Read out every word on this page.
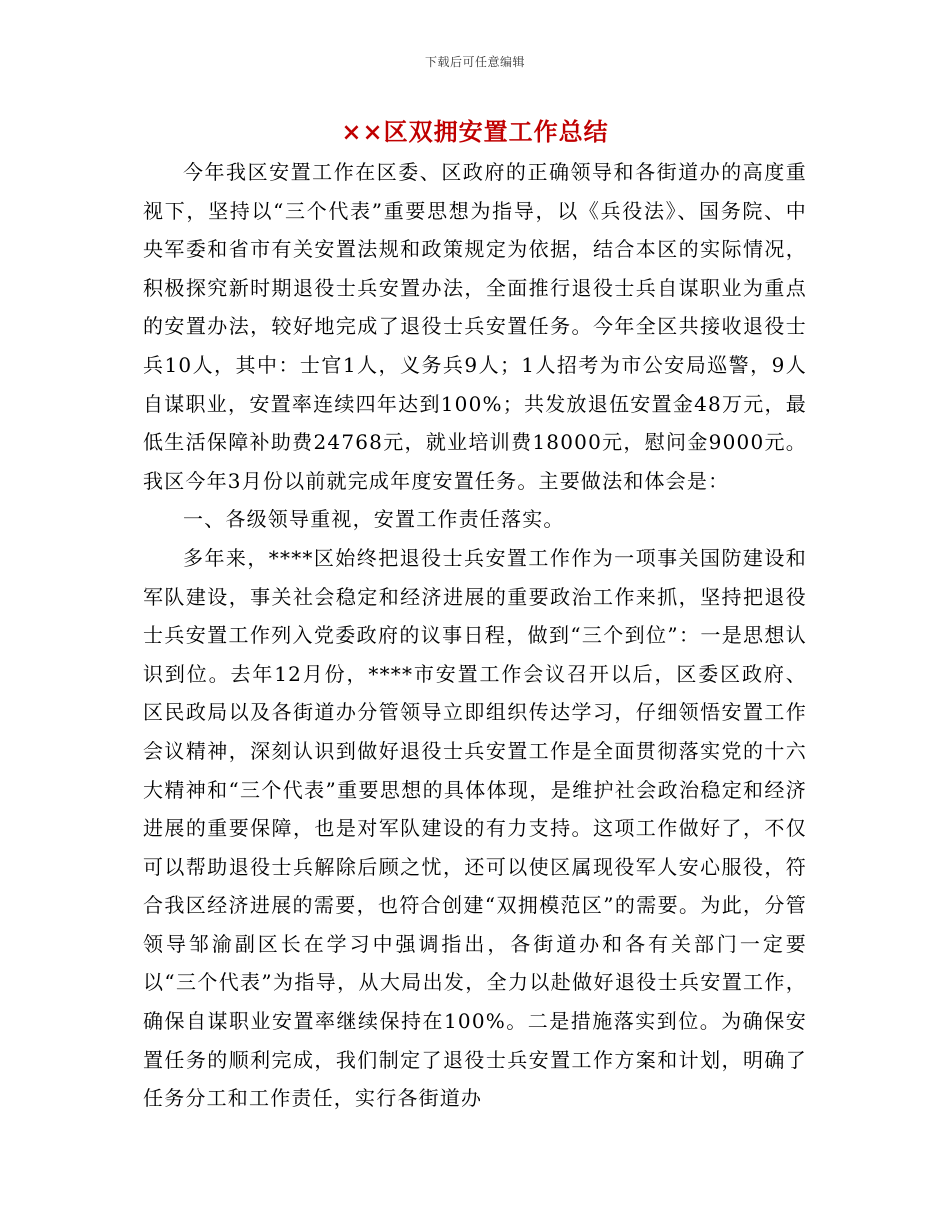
下载后可任意编辑
××区双拥安置工作总结

今年我区安置工作在区委、区政府的正确领导和各街道办的高度重视下，坚持以“三个代表”重要思想为指导，以《兵役法》、国务院、中央军委和省市有关安置法规和政策规定为依据，结合本区的实际情况，积极探究新时期退役士兵安置办法，全面推行退役士兵自谋职业为重点的安置办法，较好地完成了退役士兵安置任务。今年全区共接收退役士兵10人，其中：士官1人，义务兵9人；1人招考为市公安局巡警，9人自谋职业，安置率连续四年达到100%；共发放退伍安置金48万元，最低生活保障补助费24768元，就业培训费18000元，慰问金9000元。我区今年3月份以前就完成年度安置任务。主要做法和体会是：

一、各级领导重视，安置工作责任落实。

多年来，****区始终把退役士兵安置工作作为一项事关国防建设和军队建设，事关社会稳定和经济进展的重要政治工作来抓，坚持把退役士兵安置工作列入党委政府的议事日程，做到“三个到位”：一是思想认识到位。去年12月份，****市安置工作会议召开以后，区委区政府、区民政局以及各街道办分管领导立即组织传达学习，仔细领悟安置工作会议精神，深刻认识到做好退役士兵安置工作是全面贯彻落实党的十六大精神和“三个代表”重要思想的具体体现，是维护社会政治稳定和经济进展的重要保障，也是对军队建设的有力支持。这项工作做好了，不仅可以帮助退役士兵解除后顾之忧，还可以使区属现役军人安心服役，符合我区经济进展的需要，也符合创建“双拥模范区”的需要。为此，分管领导邹渝副区长在学习中强调指出，各街道办和各有关部门一定要以“三个代表”为指导，从大局出发，全力以赴做好退役士兵安置工作，确保自谋职业安置率继续保持在100%。二是措施落实到位。为确保安置任务的顺利完成，我们制定了退役士兵安置工作方案和计划，明确了任务分工和工作责任，实行各街道办
